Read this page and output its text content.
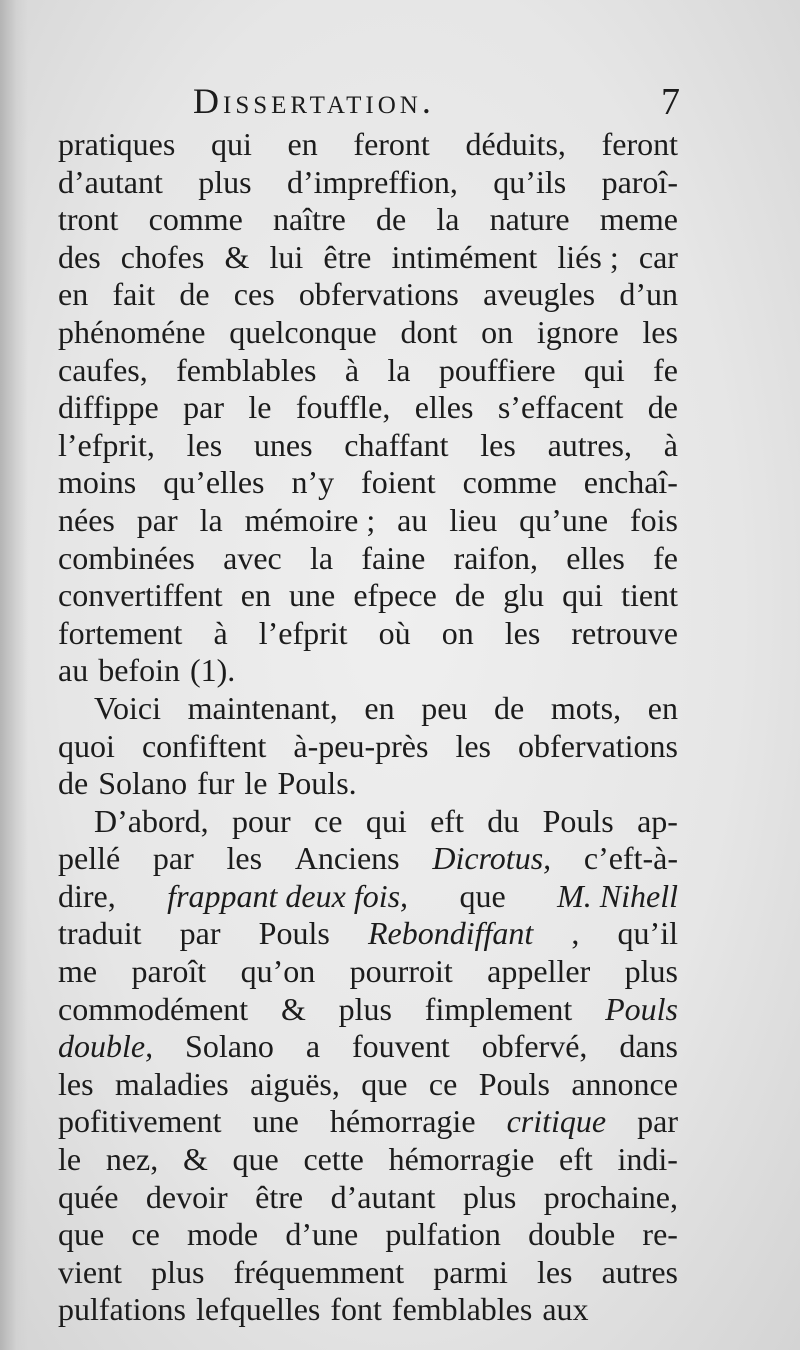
Dissertation.	7
pratiques qui en feront déduits, feront
d’autant plus d’impreffion, qu’ils paroî-
tront comme naître de la nature meme
des chofes & lui être intimément liés ; car
en fait de ces obfervations aveugles d’un
phénoméne quelconque dont on ignore les
caufes, femblables à la pouffiere qui fe
diffippe par le fouffle, elles s’effacent de
l’efprit, les unes chaffant les autres, à
moins qu’elles n’y foient comme enchaî-
nées par la mémoire ; au lieu qu’une fois
combinées avec la faine raifon, elles fe
convertiffent en une efpece de glu qui tient
fortement à l’efprit où on les retrouve
au befoin (1).
Voici maintenant, en peu de mots, en
quoi confiftent à-peu-près les obfervations
de Solano fur le Pouls.
D’abord, pour ce qui eft du Pouls ap-
pellé par les Anciens Dicrotus, c’eft-à-
dire, frappant deux fois, que M. Nihell
traduit par Pouls Rebondiffant , qu’il
me paroît qu’on pourroit appeller plus
commodément & plus fimplement Pouls
double, Solano a fouvent obfervé, dans
les maladies aiguës, que ce Pouls annonce
pofitivement une hémorragie critique par
le nez, & que cette hémorragie eft indi-
quée devoir être d’autant plus prochaine,
que ce mode d’une pulfation double re-
vient plus fréquemment parmi les autres
pulfations lefquelles font femblables aux
